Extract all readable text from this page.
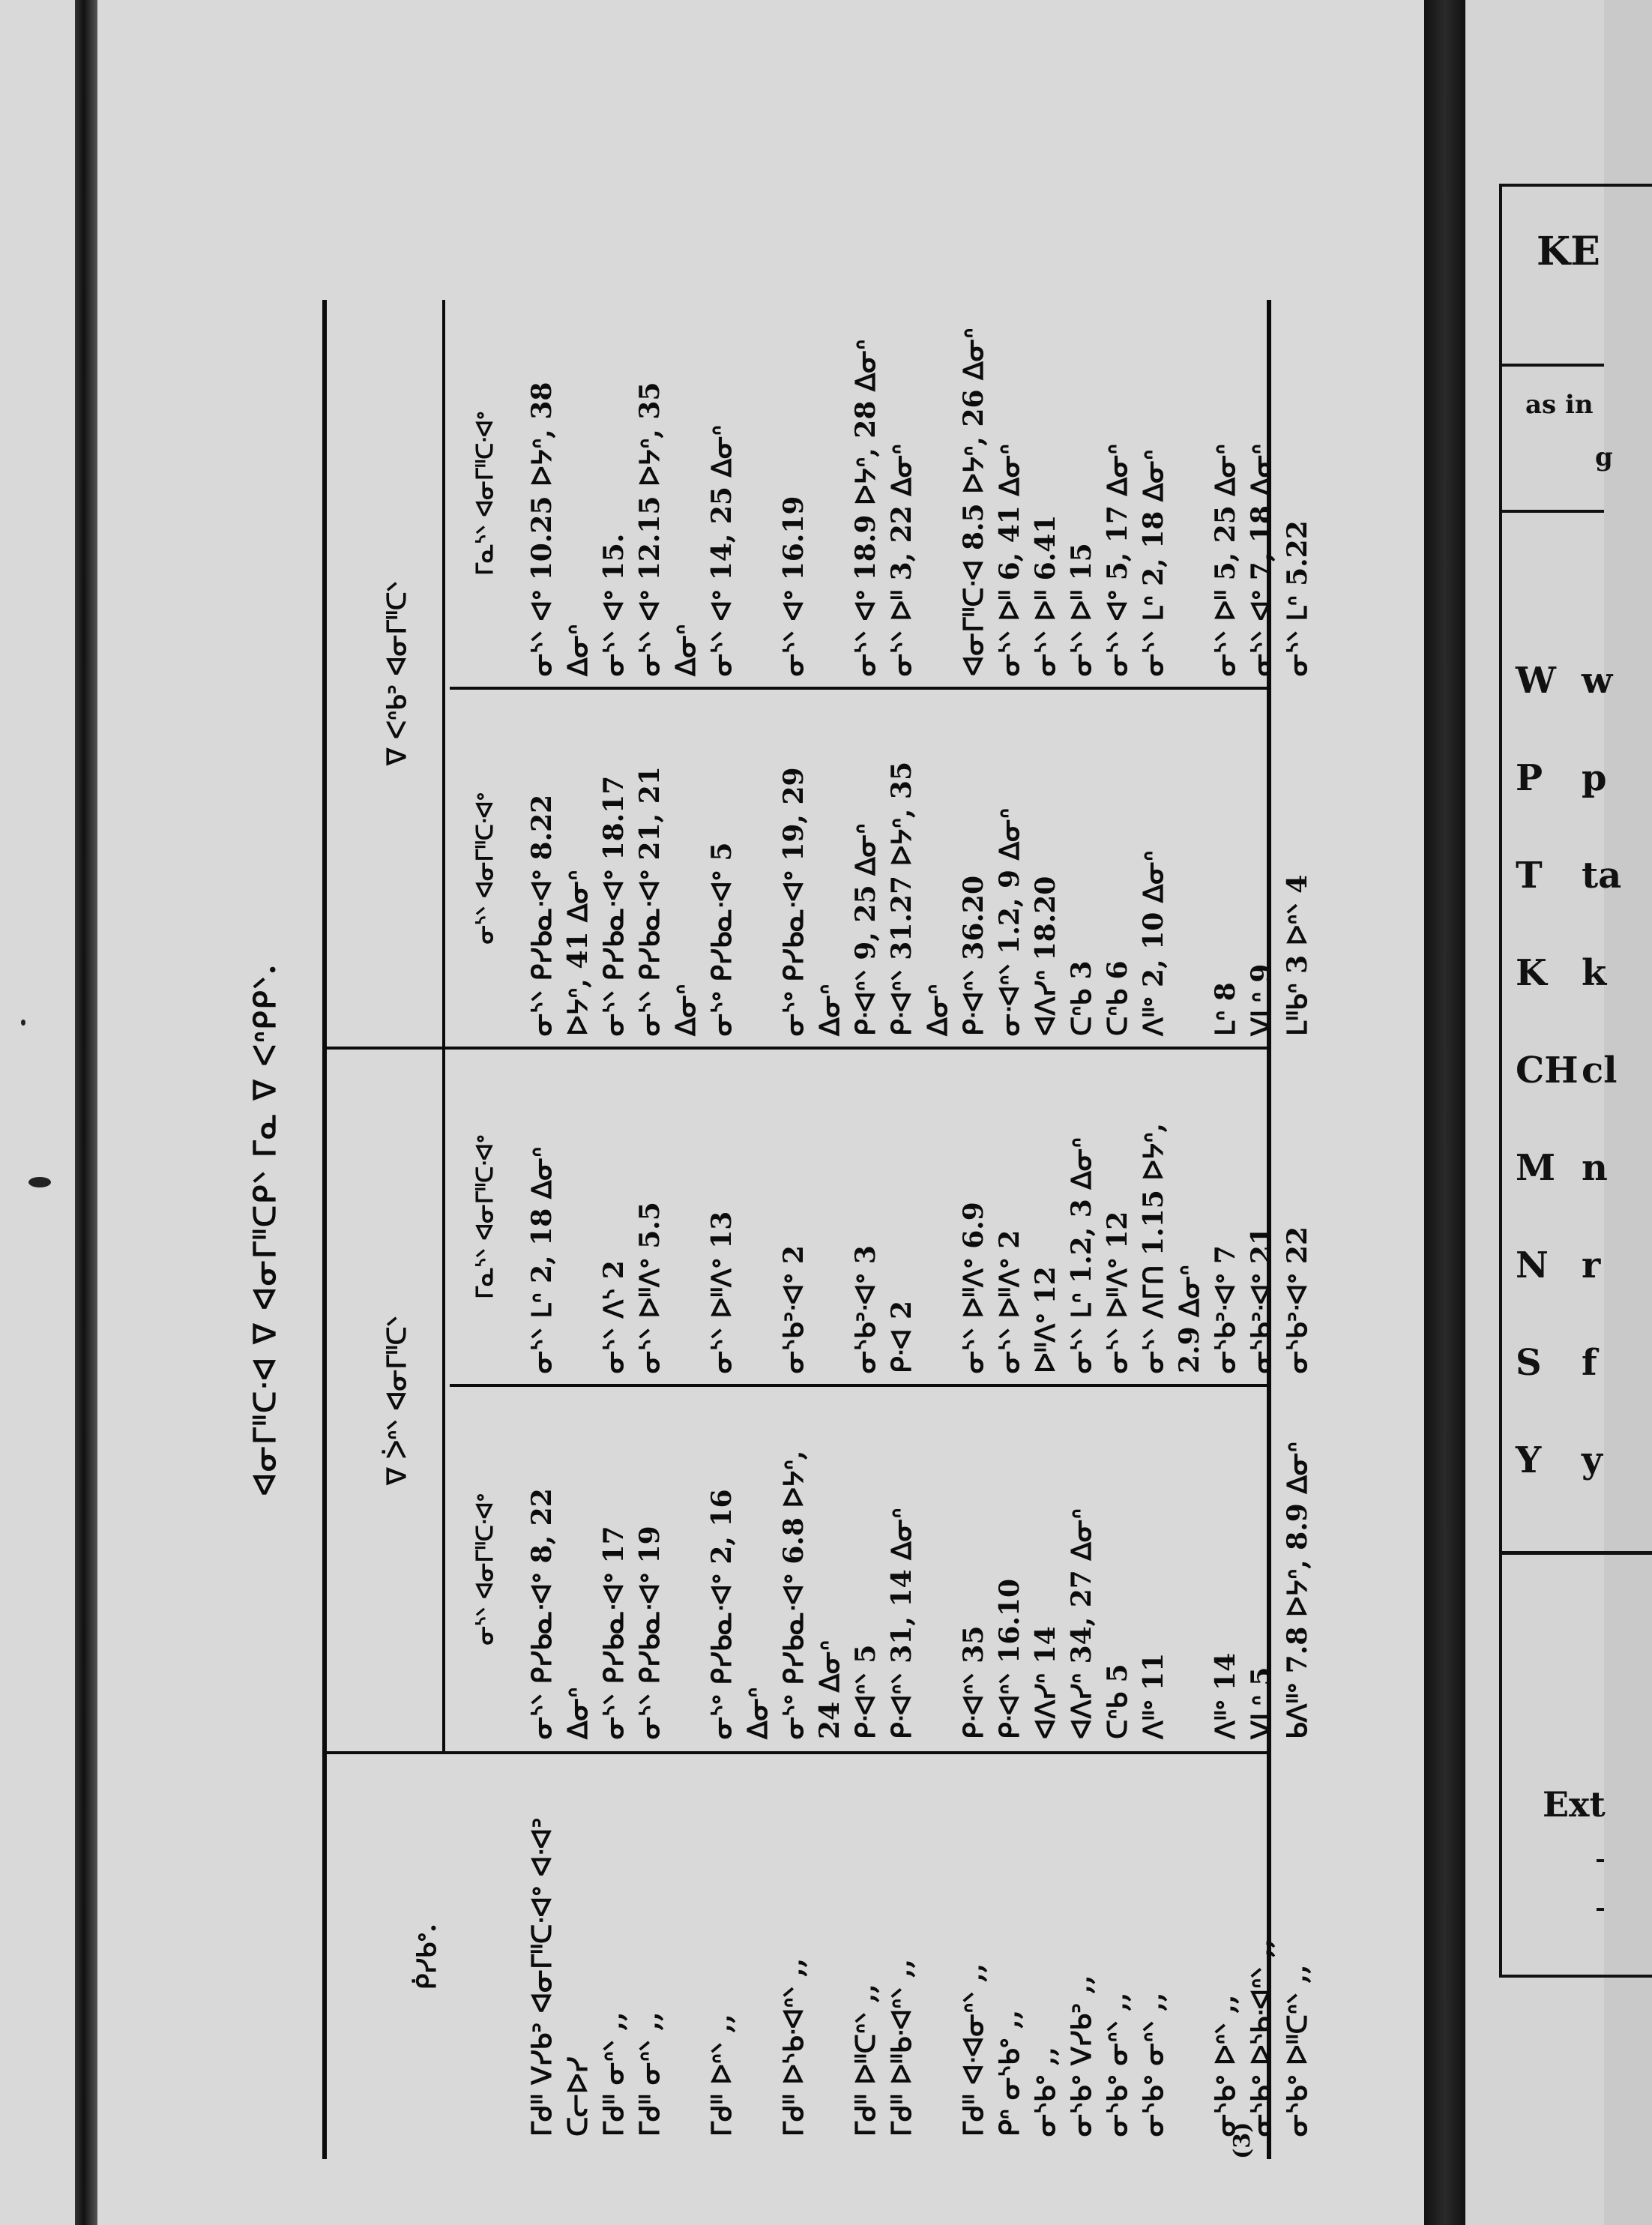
ᐊᓂᒥᐦᑕᐧᐊ ᐁ ᐊᓂᒥᐦᑕᑭᐠ ᒥᓇ ᐁ ᐸᐢᑭᑭᐠ.
ᑮᓯᑲᐤ.
ᐁ ᐴᐢᐠ ᐊᓂᒥᐦᑕᐠ
ᐁ ᐸᐢᑲᐣ ᐊᓂᒥᐦᑕᐠ
ᓂᔅᐠ ᐊᓂᒥᐦᑕᐧᐊᐤ
ᒥᓇᔅᐠ ᐊᓂᒥᐦᑕᐧᐊᐤ
ᓂᔅᐠ ᐊᓂᒥᐦᑕᐧᐊᐤ
ᒥᓇᔅᐠ ᐊᓂᒥᐦᑕᐧᐊᐤ
ᒥᑯᐦ ᐯᓯᑲᐣ ᐊᓂᒥᐦᑕᐧᐊᐤ ᐊᐧᐊᐣ
ᓂᔅᐠ ᑭᓯᑲᓇᐧᐊᐤ 8, 22
ᓂᔅᐠ ᒪᐢ 2, 18 ᐃᓂᐢ
ᓂᔅᐠ ᑭᓯᑲᓇᐧᐊᐤ 8.22
ᓂᔅᐠ ᐊᐤ 10.25 ᐅᔭᐢ, 38
ᑕᓕᐅᓯ
ᐃᓂᐢ
ᐅᔭᐢ, 41 ᐃᓂᐢ
ᐃᓂᐢ
ᒥᑯᐦ ᓂᐢᐠ ,,
ᓂᔅᐠ ᑭᓯᑲᓇᐧᐊᐤ 17
ᓂᔅᐠ ᐱᔅ 2
ᓂᔅᐠ ᑭᓯᑲᓇᐧᐊᐤ 18.17
ᓂᔅᐠ ᐊᐤ 15.
ᒥᑯᐦ ᓂᐢᐠ ,,
ᓂᔅᐠ ᑭᓯᑲᓇᐧᐊᐤ 19
ᓂᔅᐠ ᐅᐦᐱᐤ 5.5
ᓂᔅᐠ ᑭᓯᑲᓇᐧᐊᐤ 21, 21
ᓂᔅᐠ ᐊᐤ 12.15 ᐅᔭᐢ, 35
ᐃᓂᐢ
ᐃᓂᐢ
ᒥᑯᐦ ᐅᐢᐠ ,,
ᓂᔅᐤ ᑭᓯᑲᓇᐧᐊᐤ 2, 16
ᓂᔅᐠ ᐅᐦᐱᐤ 13
ᓂᔅᐤ ᑭᓯᑲᓇᐧᐊᐤ 5
ᓂᔅᐠ ᐊᐤ 14, 25 ᐃᓂᐢ
ᐃᓂᐢ
ᒥᑯᐦ ᐅᔅᑲᐧᐊᐢᐠ ,,
ᓂᔅᐤ ᑭᓯᑲᓇᐧᐊᐤ 6.8 ᐅᔭᐢ,
ᓂᔅᑲᐣᐧᐊᐤ 2
ᓂᔅᐤ ᑭᓯᑲᓇᐧᐊᐤ 19, 29
ᓂᔅᐠ ᐊᐤ 16.19
24 ᐃᓂᐢ
ᐃᓂᐢ
ᒥᑯᐦ ᐅᐦᑕᐢᐠ ,,
ᑭᐧᐊᐢᐠ 5
ᓂᔅᑲᐣᐧᐊᐤ 3
ᑭᐧᐊᐢᐠ 9, 25 ᐃᓂᐢ
ᓂᔅᐠ ᐊᐤ 18.9 ᐅᔭᐢ, 28 ᐃᓂᐢ
ᒥᑯᐦ ᐅᐦᑲᐧᐊᐢᐠ ,,
ᑭᐧᐊᐢᐠ 31, 14 ᐃᓂᐢ
ᑭᐧᐊ 2
ᑭᐧᐊᐢᐠ 31.27 ᐅᔭᐢ, 35
ᓂᔅᐠ ᐅᐦ 3, 22 ᐃᓂᐢ
ᐃᓂᐢ
ᒥᑯᐦ ᐊᐧᐊᓂᐢᐠ ,,
ᑭᐧᐊᐢᐠ 35
ᓂᔅᐠ ᐅᐦᐱᐤ 6.9
ᑭᐧᐊᐢᐠ 36.20
ᐊᓂᒥᐦᑕᐧᐊ 8.5 ᐅᔭᐢ, 26 ᐃᓂᐢ
ᑭᐢ ᓂᔅᑲᐤ ,,
ᑭᐧᐊᐢᐠ 16.10
ᓂᔅᐠ ᐅᐦᐱᐤ 2
ᓂᐧᐊᐢᐠ 1.2, 9 ᐃᓂᐢ
ᓂᔅᐠ ᐅᐦ 6, 41 ᐃᓂᐢ
ᓂᔅᑲᐤ ,,
ᐊᐱᓯᐢ 14
ᐅᐦᐱᐤ 12
ᐊᐱᓯᐢ 18.20
ᓂᔅᐠ ᐅᐦ 6.41
ᓂᔅᑲᐤ ᐯᓯᑲᐣ ,,
ᐊᐱᓯᐢ 34, 27 ᐃᓂᐢ
ᓂᔅᐠ ᒪᐢ 1.2, 3 ᐃᓂᐢ
ᑕᐢᑲ 3
ᓂᔅᐠ ᐅᐦ 15
ᓂᔅᑲᐤ ᓂᐢᐠ ,,
ᑕᐢᑲ 5
ᓂᔅᐠ ᐅᐦᐱᐤ 12
ᑕᐢᑲ 6
ᓂᔅᐠ ᐊᐤ 5, 17 ᐃᓂᐢ
ᓂᔅᑲᐤ ᓂᐢᐠ ,,
ᐱᐦᐤ 11
ᓂᔅᐠ ᐱᒥᑎ 1.15 ᐅᔭᐢ,
ᐱᐦᐤ 2, 10 ᐃᓂᐢ
ᓂᔅᐠ ᒪᐢ 2, 18 ᐃᓂᐢ
2.9 ᐃᓂᐢ
ᓂᔅᑲᐤ ᐅᐢᐠ ,,
ᐱᐦᐤ 14
ᓂᔅᑲᐣᐧᐊᐤ 7
ᒪᐢ 8
ᓂᔅᐠ ᐅᐦ 5, 25 ᐃᓂᐢ
ᓂᔅᑲᐤ ᐅᔅᑲᐧᐊᐢᐠ ,,
ᐯᒪᐢ 5
ᓂᔅᑲᐣᐧᐊᐤ 21
ᐯᒪᐢ 9
ᓂᔅᐠ ᐊᐤ 7, 18 ᐃᓂᐢ
ᓂᔅᑲᐤ ᐅᐦᑕᐢᐠ ,,
ᑲᐱᐦᐤ 7.8 ᐅᔭᐢ, 8.9 ᐃᓂᐢ
ᓂᔅᑲᐣᐧᐊᐤ 22
ᒪᐦᑲᐢ 3 ᐅᐢᐠ 4
ᓂᔅᐠ ᒪᐢ 5.22
(3)
KE
as in
g
W w
P p
T ta
K k
CH cl
M n
N r
S f
Y y
Ext
